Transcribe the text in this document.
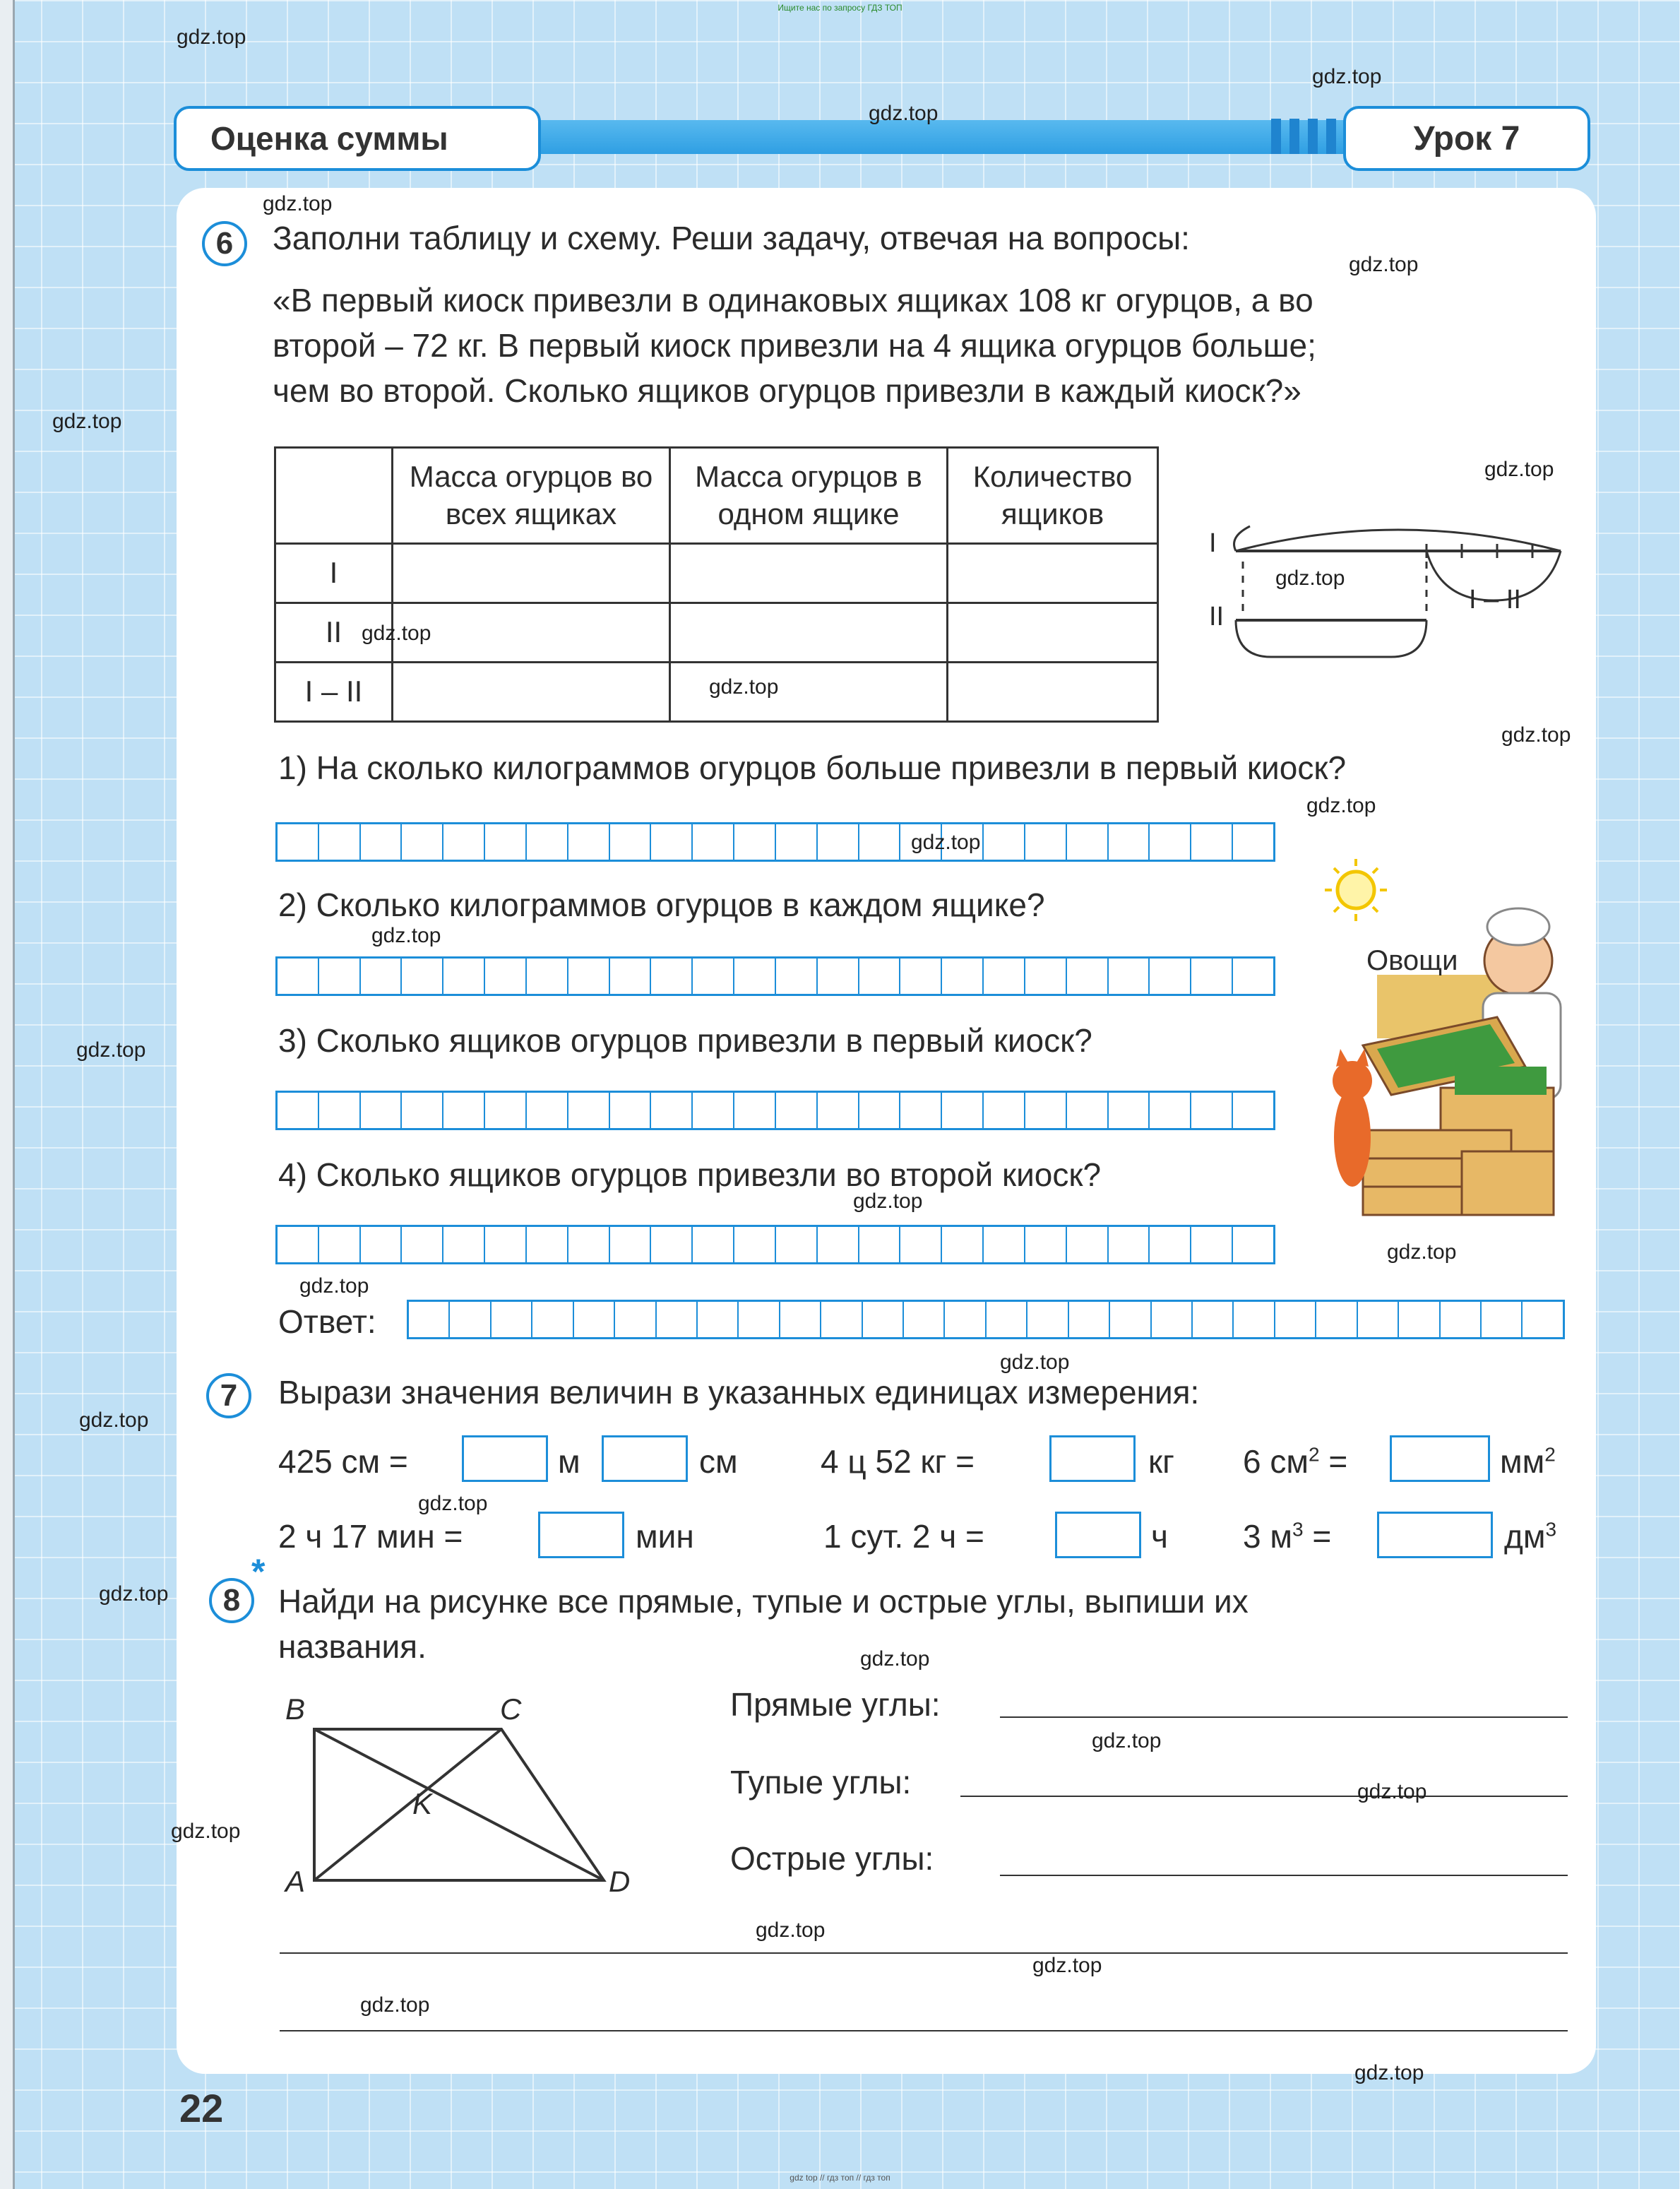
Ищите нас по запросу ГДЗ ТОП
Оценка суммы	Урок 7
6	Заполни таблицу и схему. Реши задачу, отвечая на вопросы:
«В первый киоск привезли в одинаковых ящиках 108 кг огурцов, а во
второй – 72 кг. В первый киоск привезли на 4 ящика огурцов больше;
чем во второй. Сколько ящиков огурцов привезли в каждый киоск?»
	Масса огурцов во всех ящиках	Масса огурцов в одном ящике	Количество ящиков
I			
II			
I – II			
I
II
I – II
1) На сколько килограммов огурцов больше привезли в первый киоск?
2) Сколько килограммов огурцов в каждом ящике?
3) Сколько ящиков огурцов привезли в первый киоск?
4) Сколько ящиков огурцов привезли во второй киоск?
Ответ:
Овощи
7	Вырази значения величин в указанных единицах измерения:
425 см =	м	см	4 ц 52 кг =	кг 6 $см^2$ =	$мм^2$
2 ч 17 мин =	мин	1 сут. 2 ч =	ч 3 $м^3$ =	$дм^3$
*
8	Найди на рисунке все прямые, тупые и острые углы, выпиши их
названия.
B	C
K
A	D
Прямые углы:
Тупые углы:
Острые углы:
22
gdz top // гдз топ // гдз топ
gdz.top
gdz.top
gdz.top
gdz.top
gdz.top
gdz.top
gdz.top
gdz.top
gdz.top
gdz.top
gdz.top
gdz.top
gdz.top
gdz.top
gdz.top
gdz.top
gdz.top
gdz.top
gdz.top
gdz.top
gdz.top
gdz.top
gdz.top
gdz.top
gdz.top
gdz.top
gdz.top
gdz.top
gdz.top
gdz.top
